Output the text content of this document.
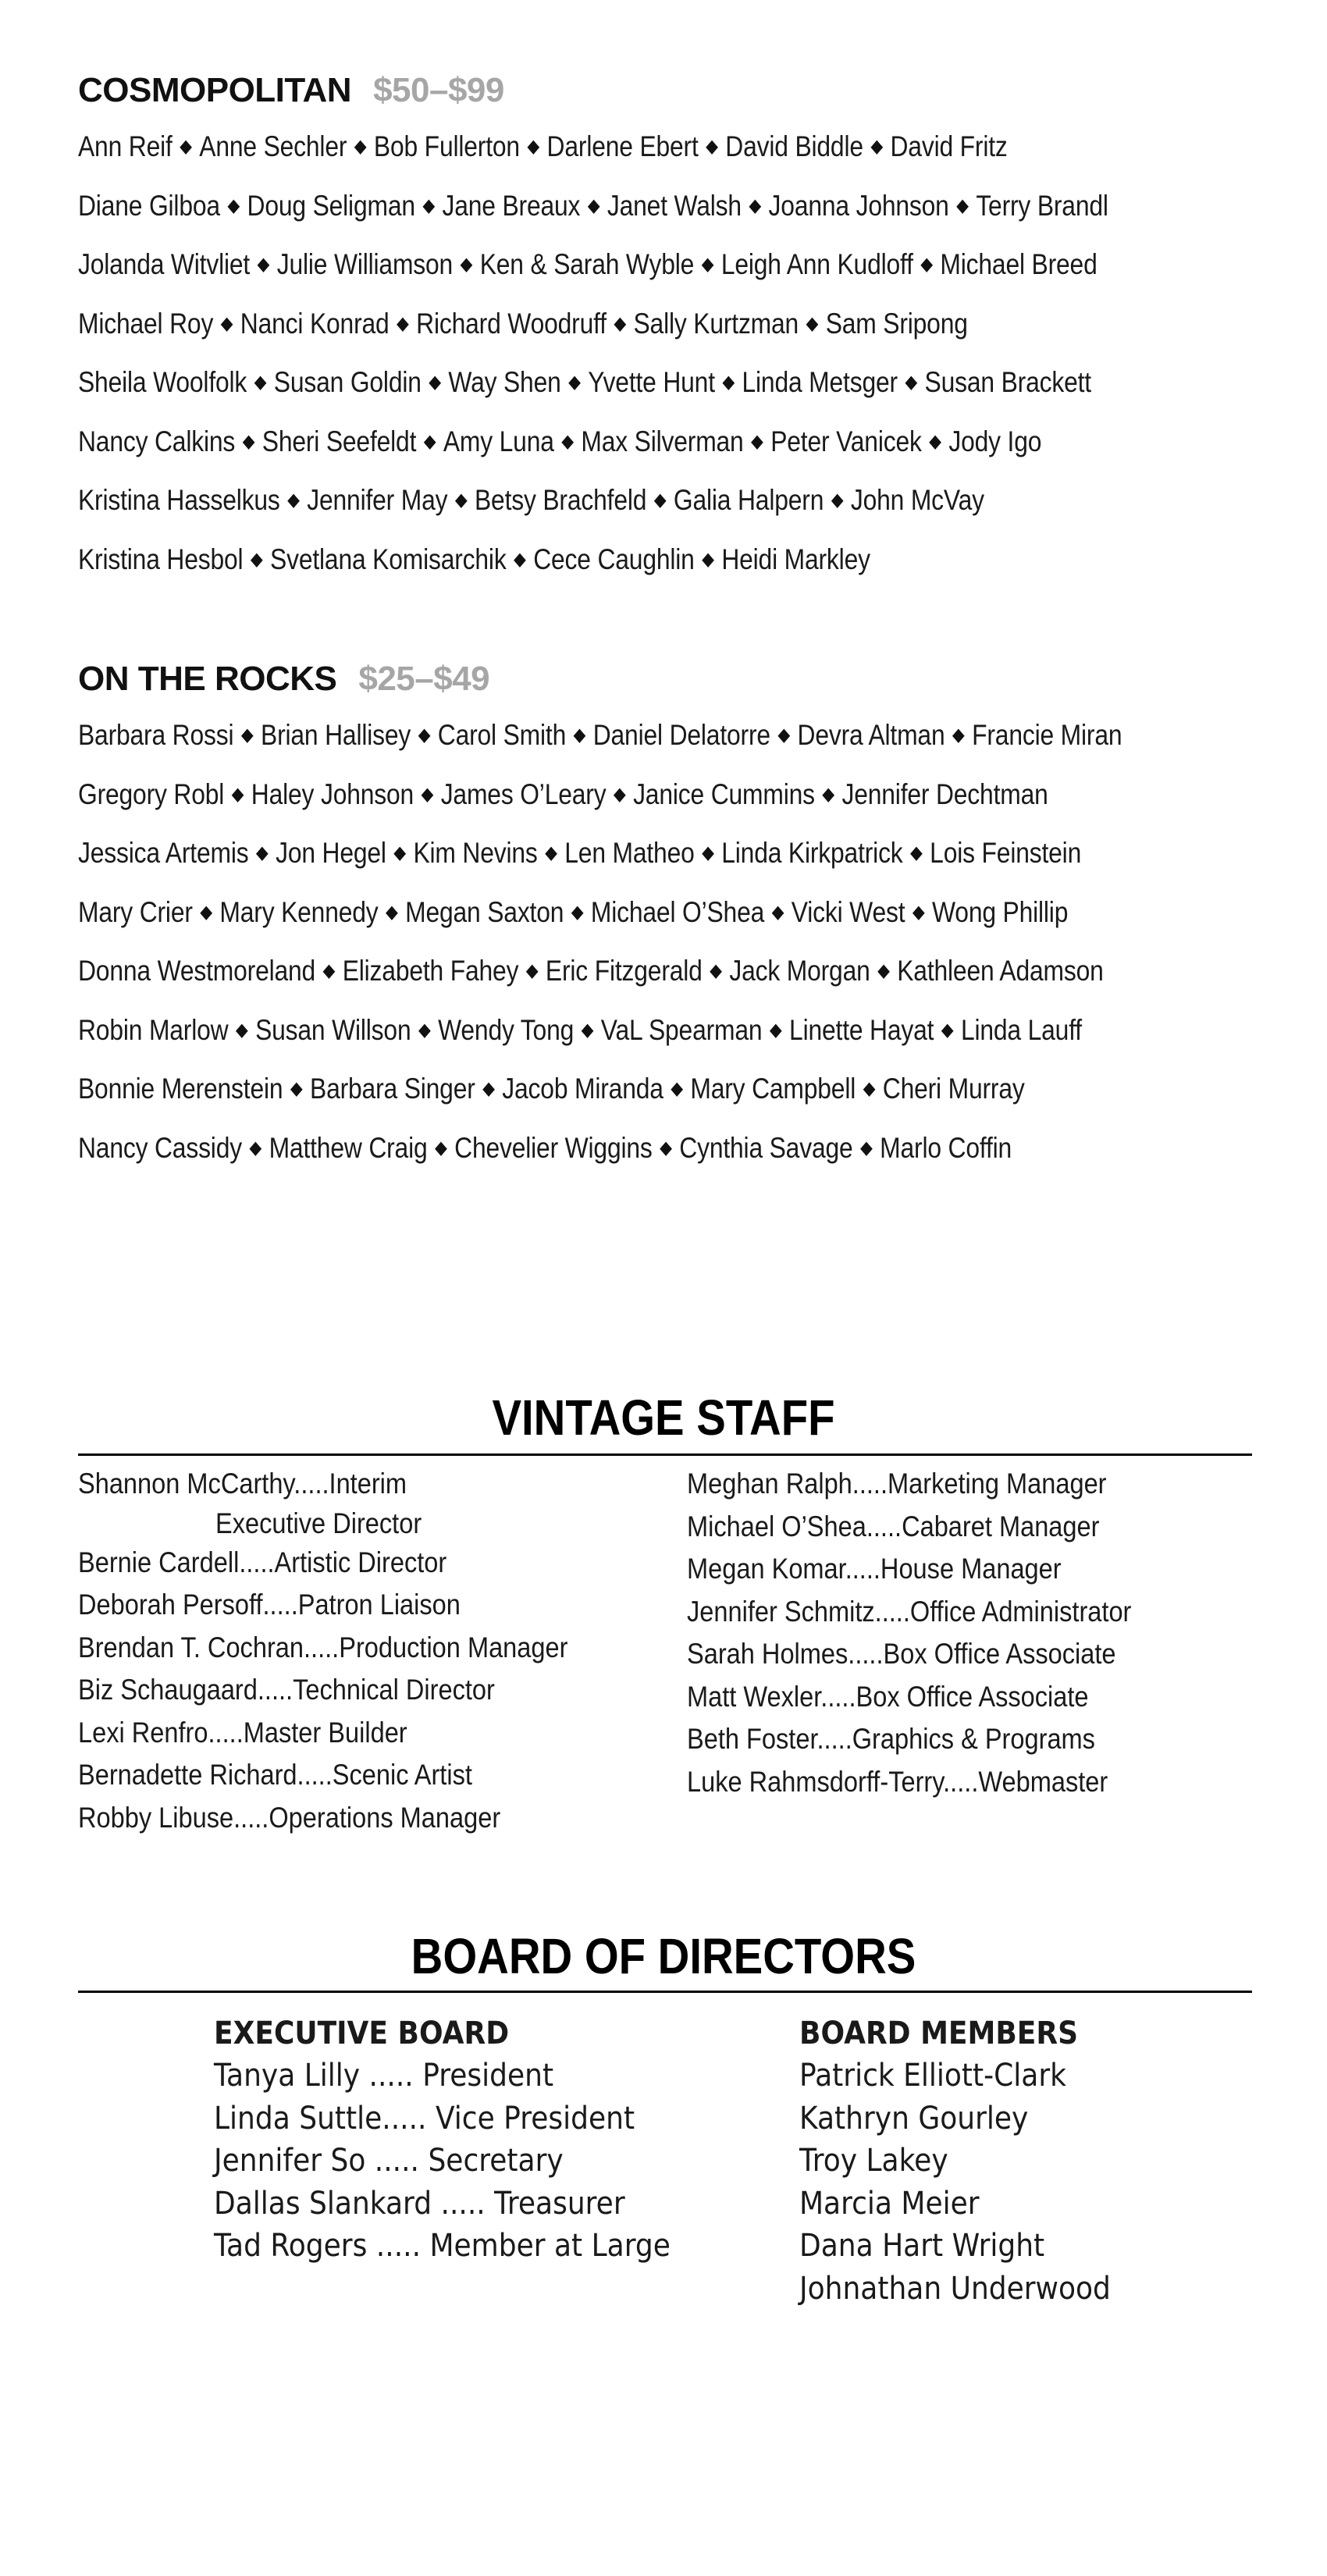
COSMOPOLITAN $50–$99
Ann Reif ◆ Anne Sechler ◆ Bob Fullerton ◆ Darlene Ebert ◆ David Biddle ◆ David Fritz
Diane Gilboa ◆ Doug Seligman ◆ Jane Breaux ◆ Janet Walsh ◆ Joanna Johnson ◆ Terry Brandl
Jolanda Witvliet ◆ Julie Williamson ◆ Ken & Sarah Wyble ◆ Leigh Ann Kudloff ◆ Michael Breed
Michael Roy ◆ Nanci Konrad ◆ Richard Woodruff ◆ Sally Kurtzman ◆ Sam Sripong
Sheila Woolfolk ◆ Susan Goldin ◆ Way Shen ◆ Yvette Hunt ◆ Linda Metsger ◆ Susan Brackett
Nancy Calkins ◆ Sheri Seefeldt ◆ Amy Luna ◆ Max Silverman ◆ Peter Vanicek ◆ Jody Igo
Kristina Hasselkus ◆ Jennifer May ◆ Betsy Brachfeld ◆ Galia Halpern ◆ John McVay
Kristina Hesbol ◆ Svetlana Komisarchik ◆ Cece Caughlin ◆ Heidi Markley
ON THE ROCKS $25–$49
Barbara Rossi ◆ Brian Hallisey ◆ Carol Smith ◆ Daniel Delatorre ◆ Devra Altman ◆ Francie Miran
Gregory Robl ◆ Haley Johnson ◆ James O’Leary ◆ Janice Cummins ◆ Jennifer Dechtman
Jessica Artemis ◆ Jon Hegel ◆ Kim Nevins ◆ Len Matheo ◆ Linda Kirkpatrick ◆ Lois Feinstein
Mary Crier ◆ Mary Kennedy ◆ Megan Saxton ◆ Michael O’Shea ◆ Vicki West ◆ Wong Phillip
Donna Westmoreland ◆ Elizabeth Fahey ◆ Eric Fitzgerald ◆ Jack Morgan ◆ Kathleen Adamson
Robin Marlow ◆ Susan Willson ◆ Wendy Tong ◆ VaL Spearman ◆ Linette Hayat ◆ Linda Lauff
Bonnie Merenstein ◆ Barbara Singer ◆ Jacob Miranda ◆ Mary Campbell ◆ Cheri Murray
Nancy Cassidy ◆ Matthew Craig ◆ Chevelier Wiggins ◆ Cynthia Savage ◆ Marlo Coffin
VINTAGE STAFF
Shannon McCarthy.....Interim
Executive Director
Bernie Cardell.....Artistic Director
Deborah Persoff.....Patron Liaison
Brendan T. Cochran.....Production Manager
Biz Schaugaard.....Technical Director
Lexi Renfro.....Master Builder
Bernadette Richard.....Scenic Artist
Robby Libuse.....Operations Manager
Meghan Ralph.....Marketing Manager
Michael O’Shea.....Cabaret Manager
Megan Komar.....House Manager
Jennifer Schmitz.....Office Administrator
Sarah Holmes.....Box Office Associate
Matt Wexler.....Box Office Associate
Beth Foster.....Graphics & Programs
Luke Rahmsdorff-Terry.....Webmaster
BOARD OF DIRECTORS
EXECUTIVE BOARD
Tanya Lilly ..... President
Linda Suttle..... Vice President
Jennifer So ..... Secretary
Dallas Slankard ..... Treasurer
Tad Rogers ..... Member at Large
BOARD MEMBERS
Patrick Elliott-Clark
Kathryn Gourley
Troy Lakey
Marcia Meier
Dana Hart Wright
Johnathan Underwood
